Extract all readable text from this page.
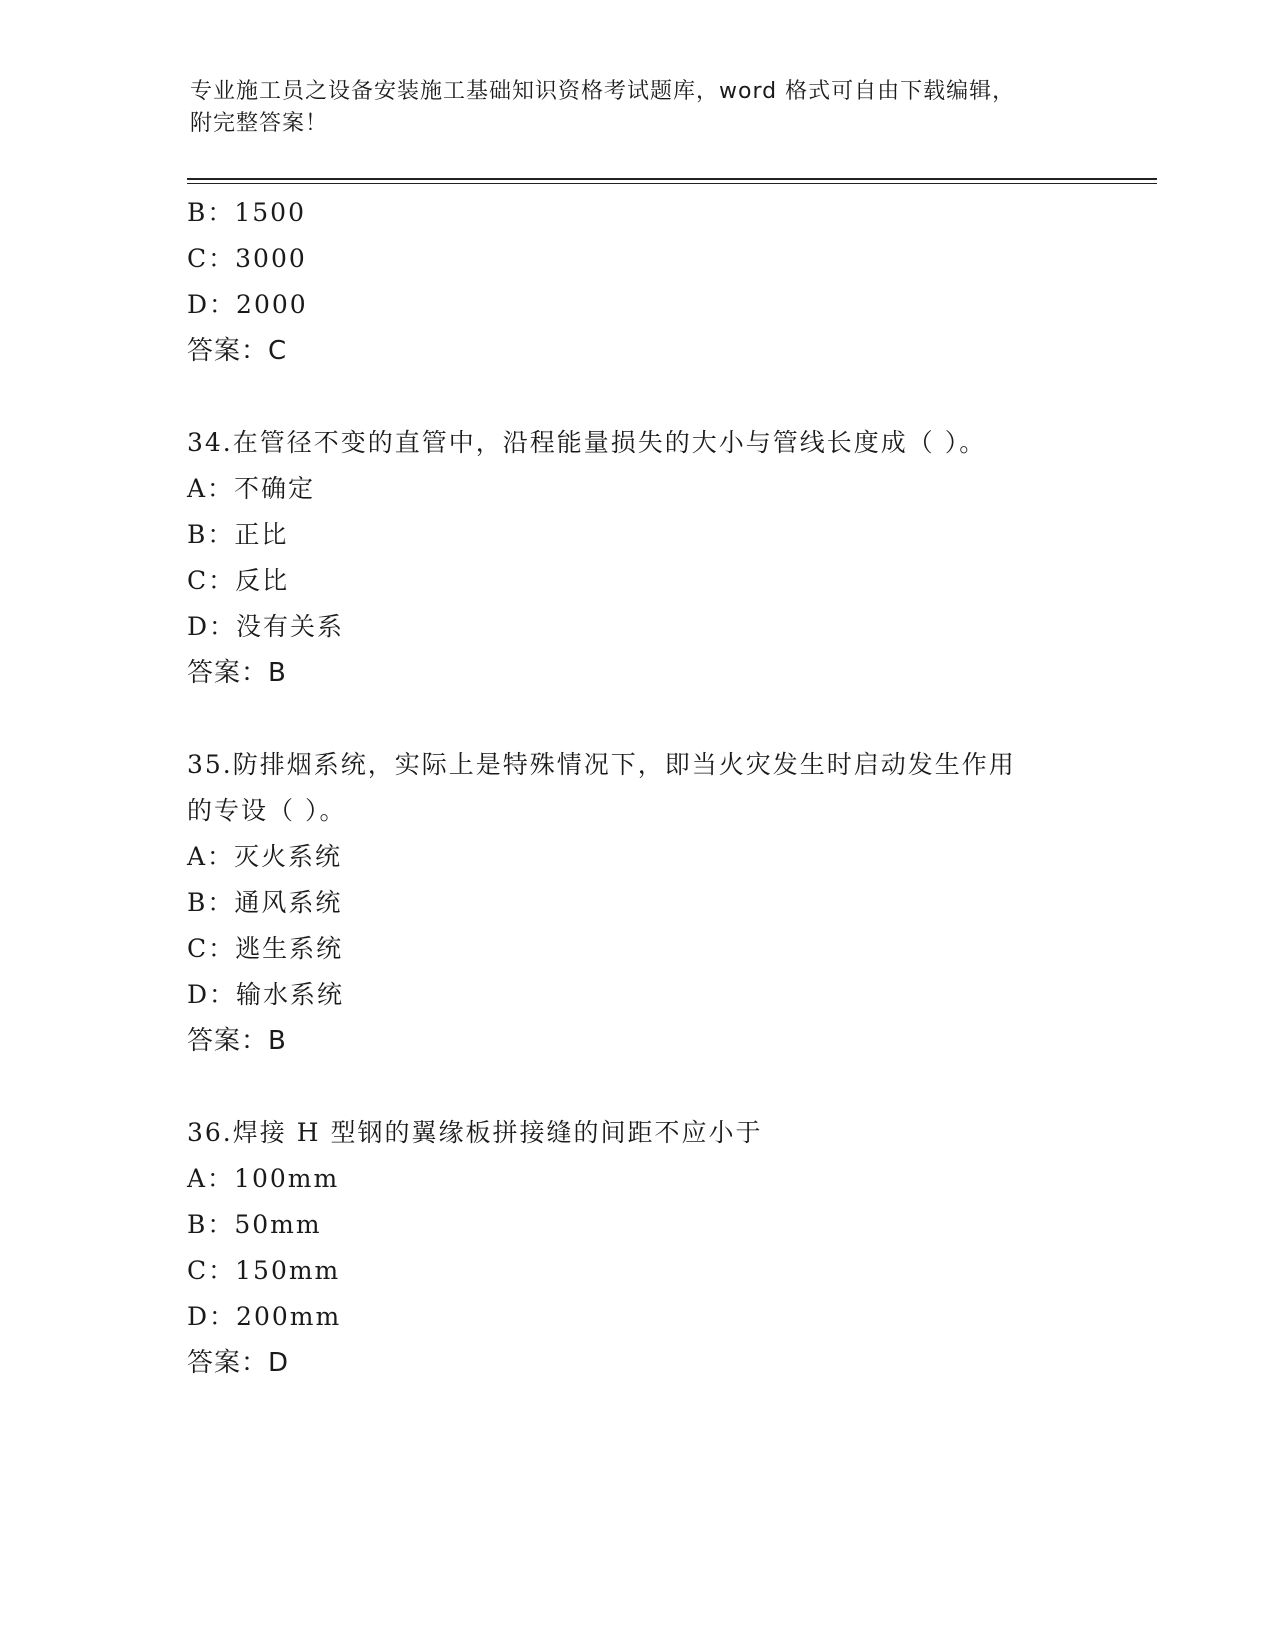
专业施工员之设备安装施工基础知识资格考试题库，word 格式可自由下载编辑，
附完整答案！
B：1500
C：3000
D：2000
答案：C
34.在管径不变的直管中，沿程能量损失的大小与管线长度成（ ）。
A：不确定
B：正比
C：反比
D：没有关系
答案：B
35.防排烟系统，实际上是特殊情况下，即当火灾发生时启动发生作用
的专设（ ）。
A：灭火系统
B：通风系统
C：逃生系统
D：输水系统
答案：B
36.焊接 H 型钢的翼缘板拼接缝的间距不应小于
A：100mm
B：50mm
C：150mm
D：200mm
答案：D
